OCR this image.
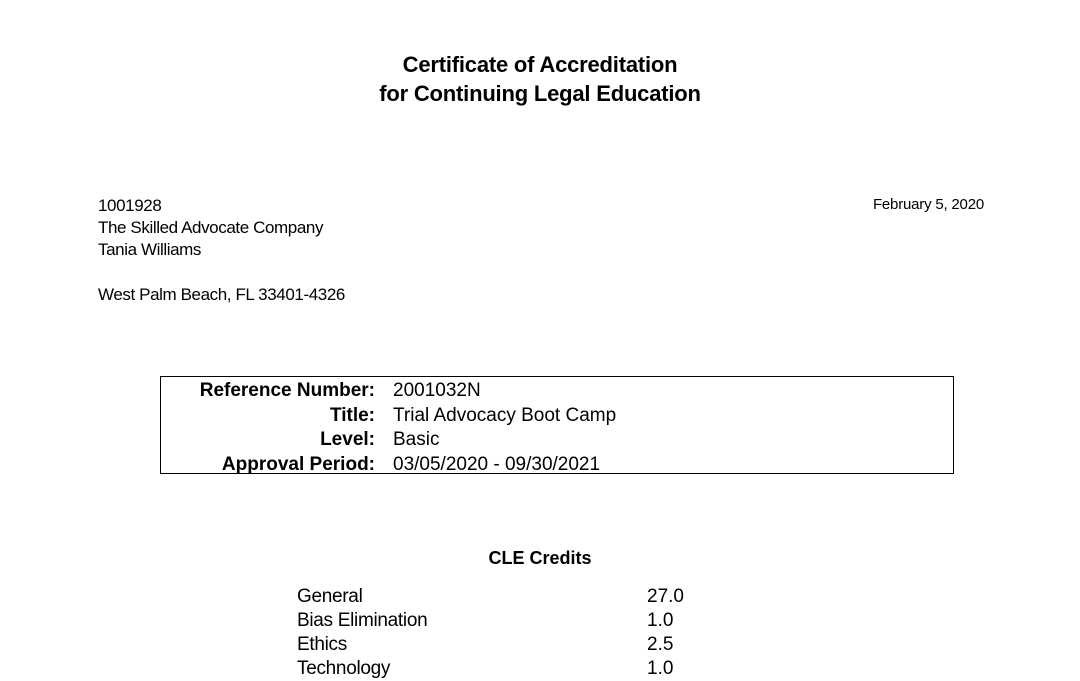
Certificate of Accreditation
for Continuing Legal Education
1001928
The Skilled Advocate Company
Tania Williams
West Palm Beach, FL 33401-4326
February 5, 2020
Reference Number:	2001032N
Title:	Trial Advocacy Boot Camp
Level:	Basic
Approval Period:	03/05/2020 - 09/30/2021
CLE Credits
General	27.0
Bias Elimination	1.0
Ethics	2.5
Technology	1.0
